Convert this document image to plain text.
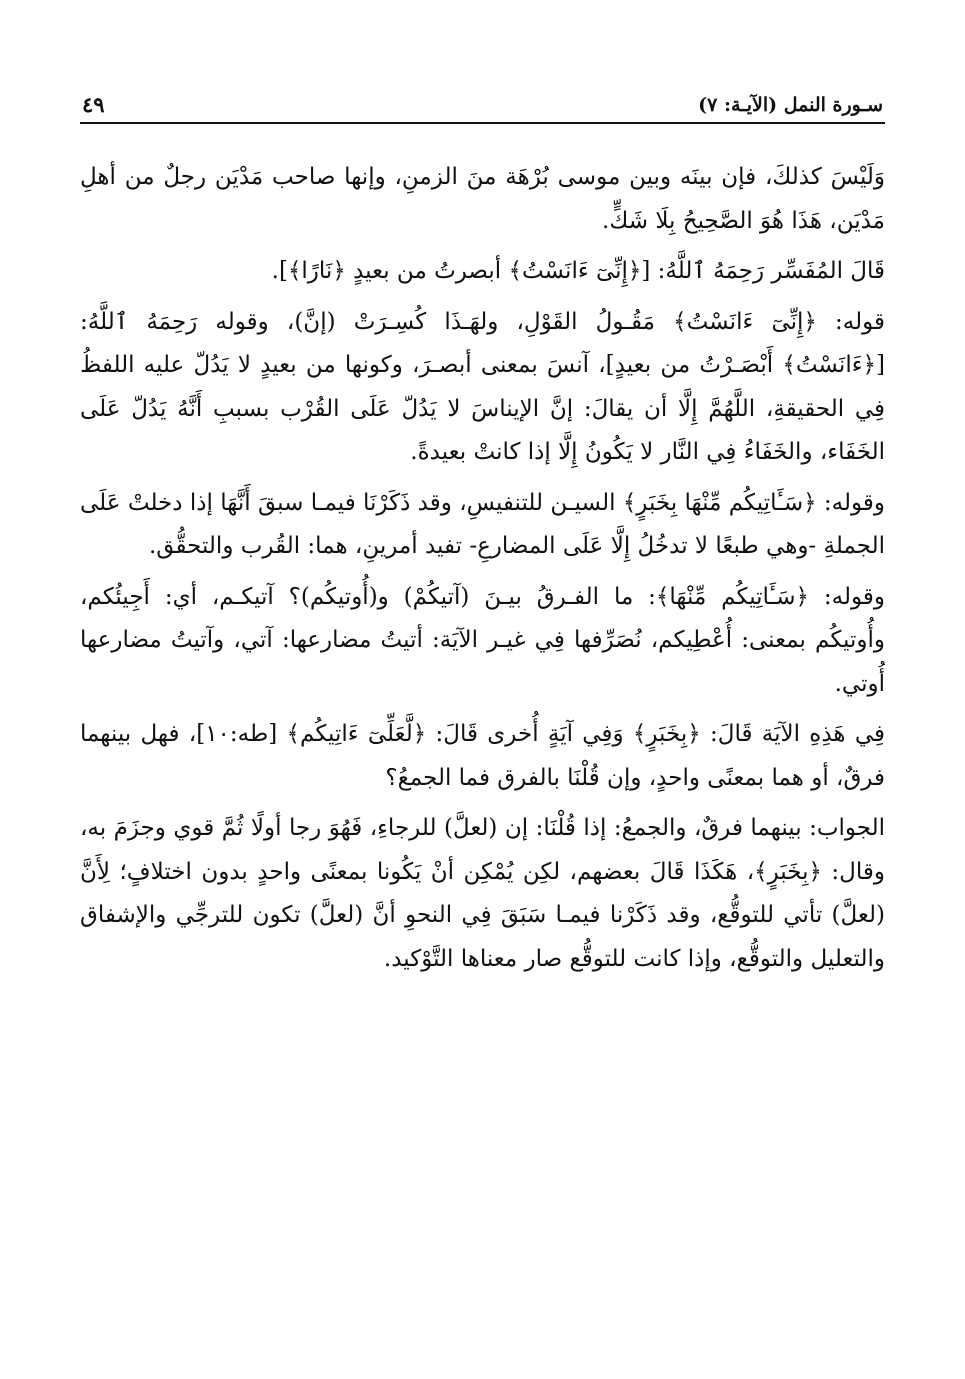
سـورة النمل (الآيـة: ٧)
٤٩

وَلَيْسَ كذلكَ، فإن بينَه وبين موسى بُرْهَة منَ الزمنِ، وإنها صاحب مَدْيَن رجلٌ من أهلِ مَدْيَن، هَذَا هُوَ الصَّحِيحُ بِلَا شَكٍّ.

قَالَ المُفَسِّر رَحِمَهُ ٱللَّهُ: [﴿إِنِّىٓ ءَانَسْتُ﴾ أبصرتُ من بعيدٍ ﴿نَارًا﴾].

قوله: ﴿إِنِّىٓ ءَانَسْتُ﴾ مَقُـولُ القَوْلِ، ولهَـذَا كُسِـرَتْ (إنَّ)، وقوله رَحِمَهُ ٱللَّهُ: [﴿ءَانَسْتُ﴾ أَبْصَـرْتُ من بعيدٍ]، آنسَ بمعنى أبصـرَ، وكونها من بعيدٍ لا يَدُلّ عليه اللفظُ فِي الحقيقةِ، اللَّهُمَّ إِلَّا أن يقالَ: إنَّ الإيناسَ لا يَدُلّ عَلَى القُرْب بسببِ أَنَّهُ يَدُلّ عَلَى الخَفَاء، والخَفَاءُ فِي النَّار لا يَكُونُ إِلَّا إذا كانتْ بعيدةً.

وقوله: ﴿سَـَٔاتِيكُم مِّنْهَا بِخَبَرٍ﴾ السيـن للتنفيسِ، وقد ذَكَرْنَا فيمـا سبقَ أَنَّهَا إذا دخلتْ عَلَى الجملةِ -وهي طبعًا لا تدخُلُ إِلَّا عَلَى المضارعِ- تفيد أمرينِ، هما: القُرب والتحقُّق.

وقوله: ﴿سَـَٔاتِيكُم مِّنْهَا﴾: ما الفـرقُ بيـنَ (آتيكُمْ) و(أُوتيكُم)؟ آتيكـم، أي: أَجِيئُكم، وأُوتيكُم بمعنى: أُعْطِيكم، نُصَرِّفها فِي غيـر الآيَة: أتيتُ مضارعها: آتي، وآتيتُ مضارعها أُوتي.

فِي هَذِهِ الآيَة قَالَ: ﴿بِخَبَرٍ﴾ وَفِي آيَةٍ أُخرى قَالَ: ﴿لَّعَلِّىٓ ءَاتِيكُم﴾ [طه:١٠]، فهل بينهما فرقٌ، أو هما بمعنًى واحدٍ، وإن قُلْنَا بالفرق فما الجمعُ؟

الجواب: بينهما فرقٌ، والجمعُ: إذا قُلْنَا: إن (لعلَّ) للرجاءِ، فَهُوَ رجا أولًا ثُمَّ قوي وجزَمَ به، وقال: ﴿بِخَبَرٍ﴾، هَكَذَا قَالَ بعضهم، لكِن يُمْكِن أنْ يَكُونا بمعنًى واحدٍ بدون اختلافٍ؛ لِأَنَّ (لعلَّ) تأتي للتوقُّع، وقد ذَكَرْنا فيمـا سَبَقَ فِي النحوِ أنَّ (لعلَّ) تكون للترجِّي والإشفاق والتعليل والتوقُّع، وإذا كانت للتوقُّع صار معناها التَّوْكيد.
